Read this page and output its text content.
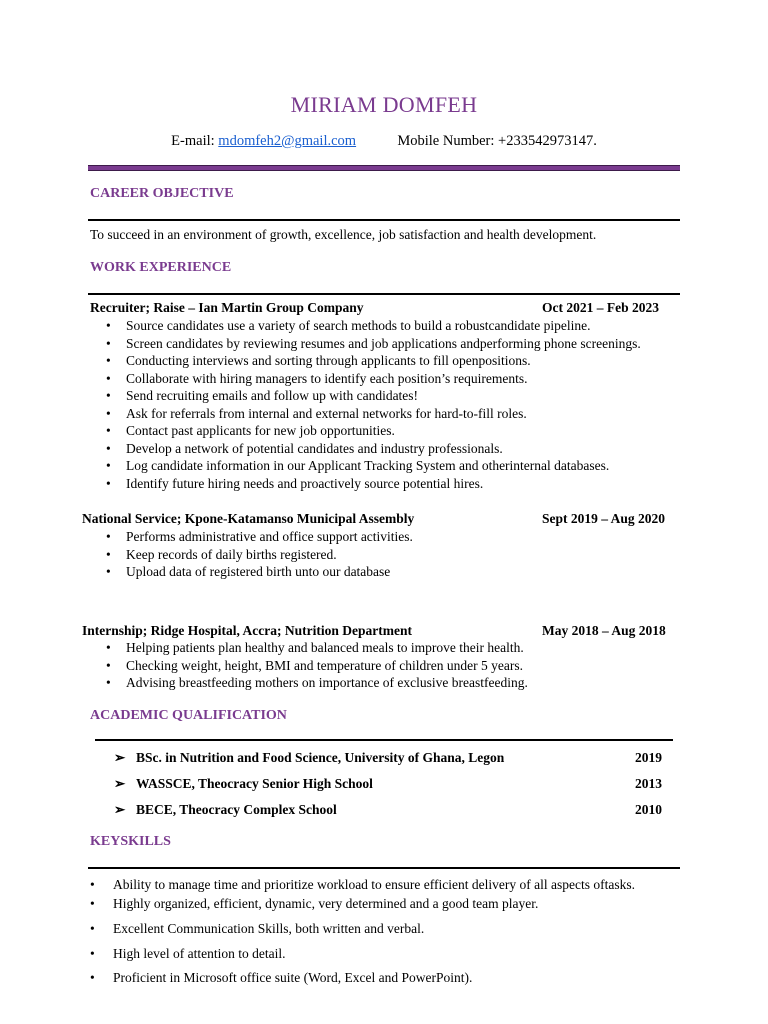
MIRIAM DOMFEH
E-mail: mdomfeh2@gmail.com	Mobile Number: +233542973147.
CAREER OBJECTIVE
To succeed in an environment of growth, excellence, job satisfaction and health development.
WORK EXPERIENCE
Recruiter; Raise – Ian Martin Group Company	Oct 2021 – Feb 2023
• Source candidates use a variety of search methods to build a robustcandidate pipeline.
• Screen candidates by reviewing resumes and job applications andperforming phone screenings.
• Conducting interviews and sorting through applicants to fill openpositions.
• Collaborate with hiring managers to identify each position’s requirements.
• Send recruiting emails and follow up with candidates!
• Ask for referrals from internal and external networks for hard-to-fill roles.
• Contact past applicants for new job opportunities.
• Develop a network of potential candidates and industry professionals.
• Log candidate information in our Applicant Tracking System and otherinternal databases.
• Identify future hiring needs and proactively source potential hires.
National Service; Kpone-Katamanso Municipal Assembly	Sept 2019 – Aug 2020
• Performs administrative and office support activities.
• Keep records of daily births registered.
• Upload data of registered birth unto our database
Internship; Ridge Hospital, Accra; Nutrition Department	May 2018 – Aug 2018
• Helping patients plan healthy and balanced meals to improve their health.
• Checking weight, height, BMI and temperature of children under 5 years.
• Advising breastfeeding mothers on importance of exclusive breastfeeding.
ACADEMIC QUALIFICATION
➢ BSc. in Nutrition and Food Science, University of Ghana, Legon	2019
➢ WASSCE, Theocracy Senior High School	2013
➢ BECE, Theocracy Complex School	2010
KEYSKILLS
• Ability to manage time and prioritize workload to ensure efficient delivery of all aspects oftasks.
• Highly organized, efficient, dynamic, very determined and a good team player.
• Excellent Communication Skills, both written and verbal.
• High level of attention to detail.
• Proficient in Microsoft office suite (Word, Excel and PowerPoint).
